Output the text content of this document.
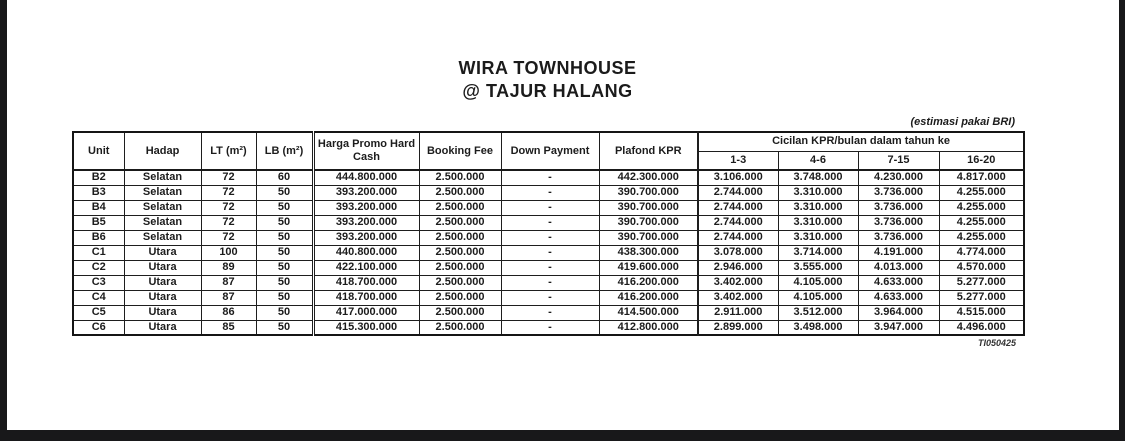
WIRA TOWNHOUSE
@ TAJUR HALANG
(estimasi pakai BRI)
Unit	Hadap	LT (m²)	LB (m²)	Harga Promo Hard Cash	Booking Fee	Down Payment	Plafond KPR	Cicilan KPR/bulan dalam tahun ke			
								1-3	4-6	7-15	16-20
B2	Selatan	72	60	444.800.000	2.500.000	-	442.300.000	3.106.000	3.748.000	4.230.000	4.817.000
B3	Selatan	72	50	393.200.000	2.500.000	-	390.700.000	2.744.000	3.310.000	3.736.000	4.255.000
B4	Selatan	72	50	393.200.000	2.500.000	-	390.700.000	2.744.000	3.310.000	3.736.000	4.255.000
B5	Selatan	72	50	393.200.000	2.500.000	-	390.700.000	2.744.000	3.310.000	3.736.000	4.255.000
B6	Selatan	72	50	393.200.000	2.500.000	-	390.700.000	2.744.000	3.310.000	3.736.000	4.255.000
C1	Utara	100	50	440.800.000	2.500.000	-	438.300.000	3.078.000	3.714.000	4.191.000	4.774.000
C2	Utara	89	50	422.100.000	2.500.000	-	419.600.000	2.946.000	3.555.000	4.013.000	4.570.000
C3	Utara	87	50	418.700.000	2.500.000	-	416.200.000	3.402.000	4.105.000	4.633.000	5.277.000
C4	Utara	87	50	418.700.000	2.500.000	-	416.200.000	3.402.000	4.105.000	4.633.000	5.277.000
C5	Utara	86	50	417.000.000	2.500.000	-	414.500.000	2.911.000	3.512.000	3.964.000	4.515.000
C6	Utara	85	50	415.300.000	2.500.000	-	412.800.000	2.899.000	3.498.000	3.947.000	4.496.000
TI050425
